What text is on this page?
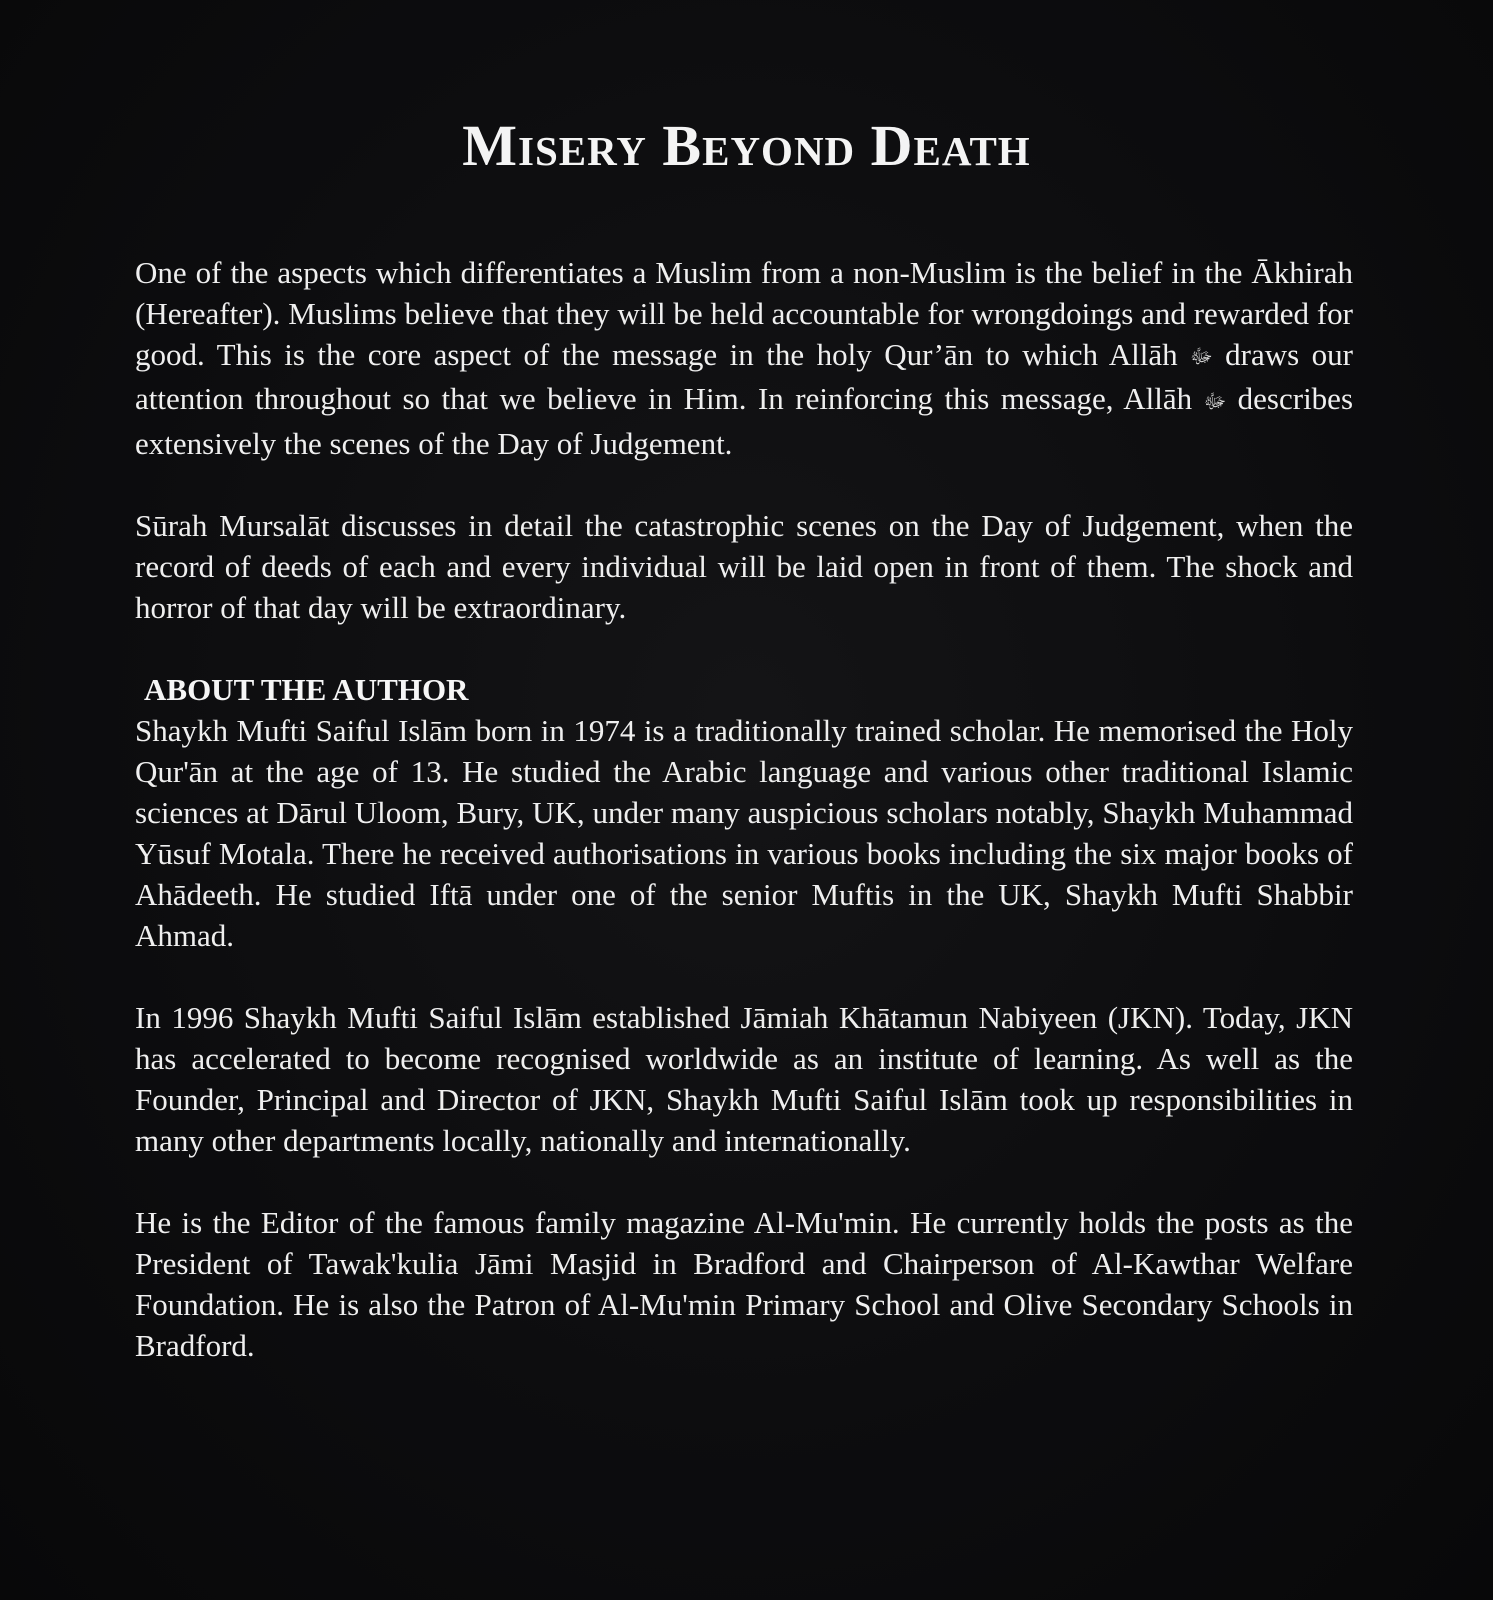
Misery Beyond Death

One of the aspects which differentiates a Muslim from a non-Muslim is the belief in the Ākhirah (Hereafter). Muslims believe that they will be held accountable for wrongdoings and rewarded for good. This is the core aspect of the message in the holy Qur’ān to which Allāh ﷻ draws our attention throughout so that we believe in Him. In reinforcing this message, Allāh ﷻ describes extensively the scenes of the Day of Judgement.

Sūrah Mursalāt discusses in detail the catastrophic scenes on the Day of Judgement, when the record of deeds of each and every individual will be laid open in front of them. The shock and horror of that day will be extraordinary.

ABOUT THE AUTHOR

Shaykh Mufti Saiful Islām born in 1974 is a traditionally trained scholar. He memorised the Holy Qur'ān at the age of 13. He studied the Arabic language and various other traditional Islamic sciences at Dārul Uloom, Bury, UK, under many auspicious scholars notably, Shaykh Muhammad Yūsuf Motala. There he received authorisations in various books including the six major books of Ahādeeth. He studied Iftā under one of the senior Muftis in the UK, Shaykh Mufti Shabbir Ahmad.

In 1996 Shaykh Mufti Saiful Islām established Jāmiah Khātamun Nabiyeen (JKN). Today, JKN has accelerated to become recognised worldwide as an institute of learning. As well as the Founder, Principal and Director of JKN, Shaykh Mufti Saiful Islām took up responsibilities in many other departments locally, nationally and internationally.

He is the Editor of the famous family magazine Al-Mu'min. He currently holds the posts as the President of Tawak'kulia Jāmi Masjid in Bradford and Chairperson of Al-Kawthar Welfare Foundation. He is also the Patron of Al-Mu'min Primary School and Olive Secondary Schools in Bradford.
